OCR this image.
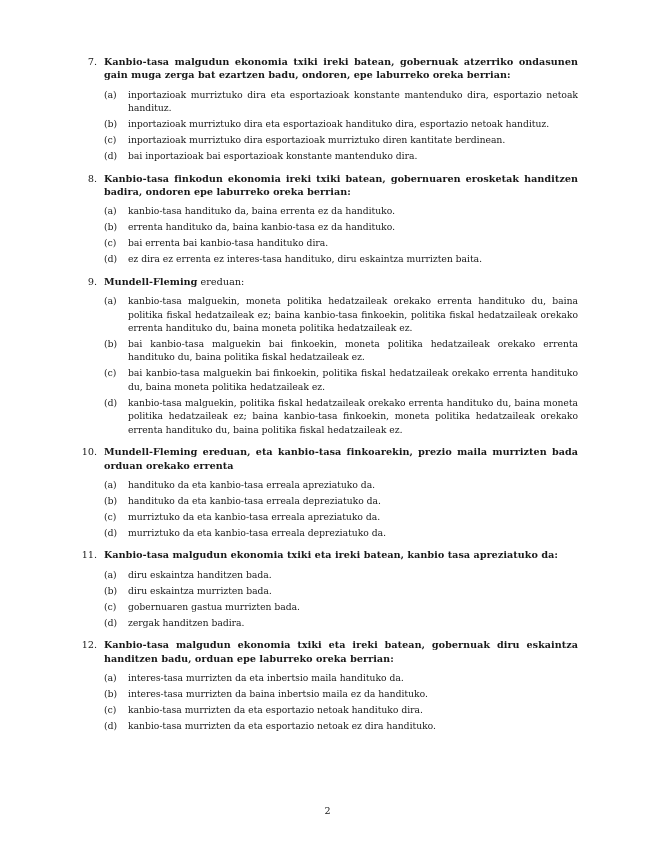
7. Kanbio-tasa malgudun ekonomia txiki ireki batean, gobernuak atzerriko ondasunen gain muga zerga bat ezartzen badu, ondoren, epe laburreko oreka berrian:
(a)	inportazioak murriztuko dira eta esportazioak konstante mantenduko dira, esportazio netoak handituz.
(b)	inportazioak murriztuko dira eta esportazioak handituko dira, esportazio netoak handituz.
(c)	inportazioak murriztuko dira esportazioak murriztuko diren kantitate berdinean.
(d)	bai inportazioak bai esportazioak konstante mantenduko dira.
8. Kanbio-tasa finkodun ekonomia ireki txiki batean, gobernuaren erosketak handitzen badira, ondoren epe laburreko oreka berrian:
(a)	kanbio-tasa handituko da, baina errenta ez da handituko.
(b)	errenta handituko da, baina kanbio-tasa ez da handituko.
(c)	bai errenta bai kanbio-tasa handituko dira.
(d)	ez dira ez errenta ez interes-tasa handituko, diru eskaintza murrizten baita.
9. Mundell-Fleming ereduan:
(a)	kanbio-tasa malguekin, moneta politika hedatzaileak orekako errenta handituko du, baina politika fiskal hedatzaileak ez; baina kanbio-tasa finkoekin, politika fiskal hedatzaileak orekako errenta handituko du, baina moneta politika hedatzaileak ez.
(b)	bai kanbio-tasa malguekin bai finkoekin, moneta politika hedatzaileak orekako errenta handituko du, baina politika fiskal hedatzaileak ez.
(c)	bai kanbio-tasa malguekin bai finkoekin, politika fiskal hedatzaileak orekako errenta handituko du, baina moneta politika hedatzaileak ez.
(d)	kanbio-tasa malguekin, politika fiskal hedatzaileak orekako errenta handituko du, baina moneta politika hedatzaileak ez; baina kanbio-tasa finkoekin, moneta politika hedatzaileak orekako errenta handituko du, baina politika fiskal hedatzaileak ez.
10. Mundell-Fleming ereduan, eta kanbio-tasa finkoarekin, prezio maila murrizten bada orduan orekako errenta
(a)	handituko da eta kanbio-tasa erreala apreziatuko da.
(b)	handituko da eta kanbio-tasa erreala depreziatuko da.
(c)	murriztuko da eta kanbio-tasa erreala apreziatuko da.
(d)	murriztuko da eta kanbio-tasa erreala depreziatuko da.
11. Kanbio-tasa malgudun ekonomia txiki eta ireki batean, kanbio tasa apreziatuko da:
(a)	diru eskaintza handitzen bada.
(b)	diru eskaintza murrizten bada.
(c)	gobernuaren gastua murrizten bada.
(d)	zergak handitzen badira.
12. Kanbio-tasa malgudun ekonomia txiki eta ireki batean, gobernuak diru eskaintza handitzen badu, orduan epe laburreko oreka berrian:
(a)	interes-tasa murrizten da eta inbertsio maila handituko da.
(b)	interes-tasa murrizten da baina inbertsio maila ez da handituko.
(c)	kanbio-tasa murrizten da eta esportazio netoak handituko dira.
(d)	kanbio-tasa murrizten da eta esportazio netoak ez dira handituko.
2
